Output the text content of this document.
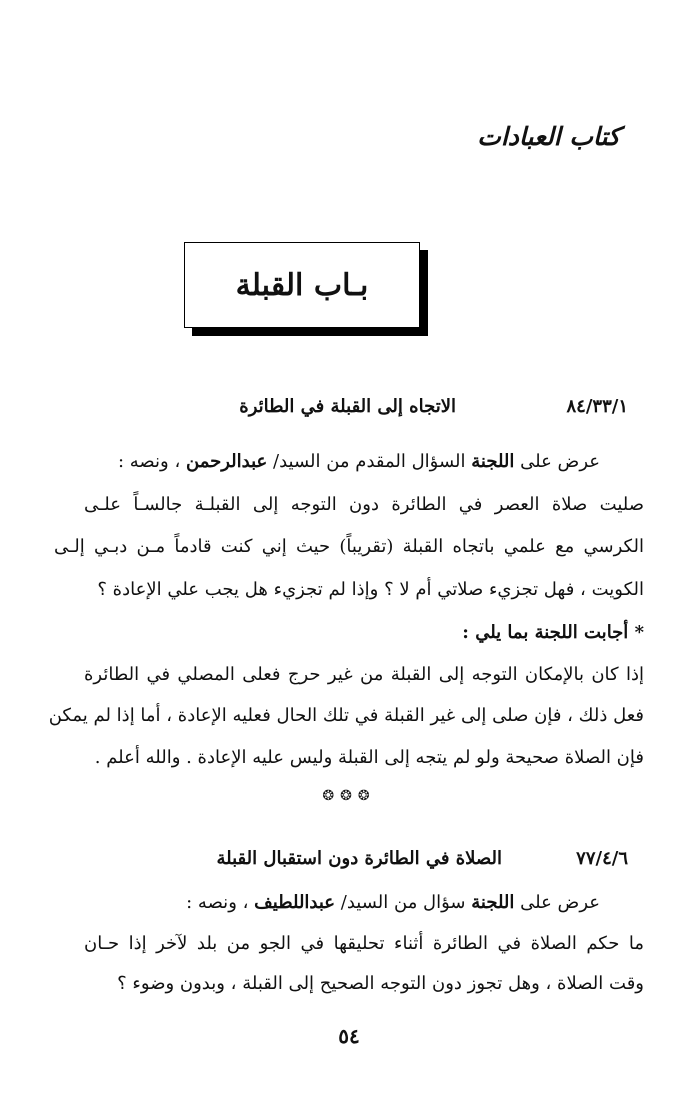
كتاب العبادات
بـاب القبلة
٨٤/٣٣/١
الاتجاه إلى القبلة في الطائرة
عرض على اللجنة السؤال المقدم من السيد/ عبدالرحمن ، ونصه :
صليت صلاة العصر في الطائرة دون التوجه إلى القبلـة جالسـاً علـى
الكرسي مع علمي باتجاه القبلة (تقريباً) حيث إني كنت قادماً مـن دبـي إلـى
الكويت ، فهل تجزيء صلاتي أم لا ؟ وإذا لم تجزيء هل يجب علي الإعادة ؟
* أجابت اللجنة بما يلي :
إذا كان بالإمكان التوجه إلى القبلة من غير حرج فعلى المصلي في الطائرة
فعل ذلك ، فإن صلى إلى غير القبلة في تلك الحال فعليه الإعادة ، أما إذا لم يمكن
فإن الصلاة صحيحة ولو لم يتجه إلى القبلة وليس عليه الإعادة . والله أعلم .
❂❂❂
٧٧/٤/٦
الصلاة في الطائرة دون استقبال القبلة
عرض على اللجنة سؤال من السيد/ عبداللطيف ، ونصه :
ما حكم الصلاة في الطائرة أثناء تحليقها في الجو من بلد لآخر إذا حـان
وقت الصلاة ، وهل تجوز دون التوجه الصحيح إلى القبلة ، وبدون وضوء ؟
٥٤
